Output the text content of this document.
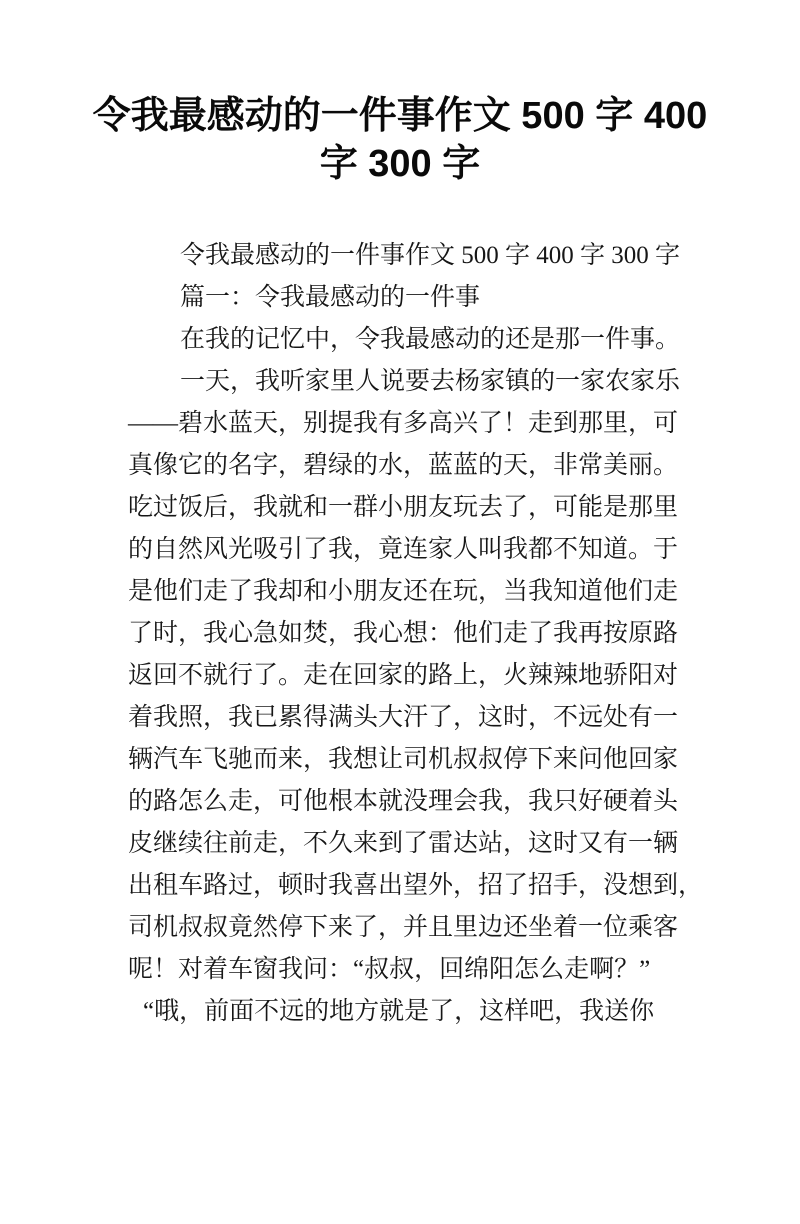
令我最感动的一件事作文 500 字 400
字 300 字
令我最感动的一件事作文 500 字 400 字 300 字
篇一：令我最感动的一件事
在我的记忆中，令我最感动的还是那一件事。
一天，我听家里人说要去杨家镇的一家农家乐
——碧水蓝天，别提我有多高兴了！走到那里，可
真像它的名字，碧绿的水，蓝蓝的天，非常美丽。
吃过饭后，我就和一群小朋友玩去了，可能是那里
的自然风光吸引了我，竟连家人叫我都不知道。于
是他们走了我却和小朋友还在玩，当我知道他们走
了时，我心急如焚，我心想：他们走了我再按原路
返回不就行了。走在回家的路上，火辣辣地骄阳对
着我照，我已累得满头大汗了，这时，不远处有一
辆汽车飞驰而来，我想让司机叔叔停下来问他回家
的路怎么走，可他根本就没理会我，我只好硬着头
皮继续往前走，不久来到了雷达站，这时又有一辆
出租车路过，顿时我喜出望外，招了招手，没想到，
司机叔叔竟然停下来了，并且里边还坐着一位乘客
呢！对着车窗我问：“叔叔，回绵阳怎么走啊？”
“哦，前面不远的地方就是了，这样吧，我送你
